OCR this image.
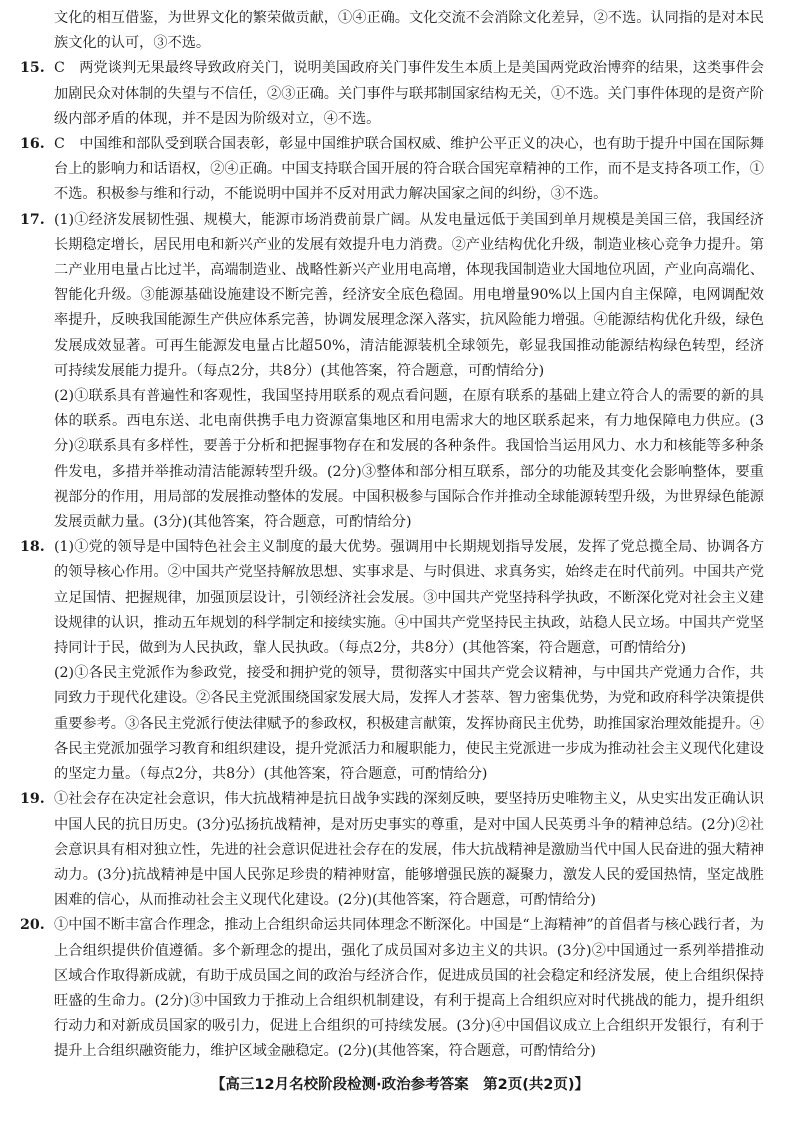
文化的相互借鉴，为世界文化的繁荣做贡献，①④正确。文化交流不会消除文化差异，②不选。认同指的是对本民族文化的认可，③不选。

15. C　两党谈判无果最终导致政府关门，说明美国政府关门事件发生本质上是美国两党政治博弈的结果，这类事件会加剧民众对体制的失望与不信任，②③正确。关门事件与联邦制国家结构无关，①不选。关门事件体现的是资产阶级内部矛盾的体现，并不是因为阶级对立，④不选。

16. C　中国维和部队受到联合国表彰，彰显中国维护联合国权威、维护公平正义的决心，也有助于提升中国在国际舞台上的影响力和话语权，②④正确。中国支持联合国开展的符合联合国宪章精神的工作，而不是支持各项工作，①不选。积极参与维和行动，不能说明中国并不反对用武力解决国家之间的纠纷，③不选。

17. (1)①经济发展韧性强、规模大，能源市场消费前景广阔。从发电量远低于美国到单月规模是美国三倍，我国经济长期稳定增长，居民用电和新兴产业的发展有效提升电力消费。②产业结构优化升级，制造业核心竞争力提升。第二产业用电量占比过半，高端制造业、战略性新兴产业用电高增，体现我国制造业大国地位巩固，产业向高端化、智能化升级。③能源基础设施建设不断完善，经济安全底色稳固。用电增量90%以上国内自主保障，电网调配效率提升，反映我国能源生产供应体系完善，协调发展理念深入落实，抗风险能力增强。④能源结构优化升级，绿色发展成效显著。可再生能源发电量占比超50%，清洁能源装机全球领先，彰显我国推动能源结构绿色转型，经济可持续发展能力提升。（每点2分，共8分）(其他答案，符合题意，可酌情给分)

(2)①联系具有普遍性和客观性，我国坚持用联系的观点看问题，在原有联系的基础上建立符合人的需要的新的具体的联系。西电东送、北电南供携手电力资源富集地区和用电需求大的地区联系起来，有力地保障电力供应。(3分)②联系具有多样性，要善于分析和把握事物存在和发展的各种条件。我国恰当运用风力、水力和核能等多种条件发电，多措并举推动清洁能源转型升级。(2分)③整体和部分相互联系，部分的功能及其变化会影响整体，要重视部分的作用，用局部的发展推动整体的发展。中国积极参与国际合作并推动全球能源转型升级，为世界绿色能源发展贡献力量。(3分)(其他答案，符合题意，可酌情给分)

18. (1)①党的领导是中国特色社会主义制度的最大优势。强调用中长期规划指导发展，发挥了党总揽全局、协调各方的领导核心作用。②中国共产党坚持解放思想、实事求是、与时俱进、求真务实，始终走在时代前列。中国共产党立足国情、把握规律，加强顶层设计，引领经济社会发展。③中国共产党坚持科学执政，不断深化党对社会主义建设规律的认识，推动五年规划的科学制定和接续实施。④中国共产党坚持民主执政，站稳人民立场。中国共产党坚持同计于民，做到为人民执政，靠人民执政。（每点2分，共8分）(其他答案，符合题意，可酌情给分)

(2)①各民主党派作为参政党，接受和拥护党的领导，贯彻落实中国共产党会议精神，与中国共产党通力合作，共同致力于现代化建设。②各民主党派围绕国家发展大局，发挥人才荟萃、智力密集优势，为党和政府科学决策提供重要参考。③各民主党派行使法律赋予的参政权，积极建言献策，发挥协商民主优势，助推国家治理效能提升。④各民主党派加强学习教育和组织建设，提升党派活力和履职能力，使民主党派进一步成为推动社会主义现代化建设的坚定力量。（每点2分，共8分）(其他答案，符合题意，可酌情给分)

19. ①社会存在决定社会意识，伟大抗战精神是抗日战争实践的深刻反映，要坚持历史唯物主义，从史实出发正确认识中国人民的抗日历史。(3分)弘扬抗战精神，是对历史事实的尊重，是对中国人民英勇斗争的精神总结。(2分)②社会意识具有相对独立性，先进的社会意识促进社会存在的发展，伟大抗战精神是激励当代中国人民奋进的强大精神动力。(3分)抗战精神是中国人民弥足珍贵的精神财富，能够增强民族的凝聚力，激发人民的爱国热情，坚定战胜困难的信心，从而推动社会主义现代化建设。(2分)(其他答案，符合题意，可酌情给分)

20. ①中国不断丰富合作理念，推动上合组织命运共同体理念不断深化。中国是“上海精神”的首倡者与核心践行者，为上合组织提供价值遵循。多个新理念的提出，强化了成员国对多边主义的共识。(3分)②中国通过一系列举措推动区域合作取得新成就，有助于成员国之间的政治与经济合作，促进成员国的社会稳定和经济发展，使上合组织保持旺盛的生命力。(2分)③中国致力于推动上合组织机制建设，有利于提高上合组织应对时代挑战的能力，提升组织行动力和对新成员国家的吸引力，促进上合组织的可持续发展。(3分)④中国倡议成立上合组织开发银行，有利于提升上合组织融资能力，维护区域金融稳定。(2分)(其他答案，符合题意，可酌情给分)

【高三12月名校阶段检测·政治参考答案　第2页(共2页)】
